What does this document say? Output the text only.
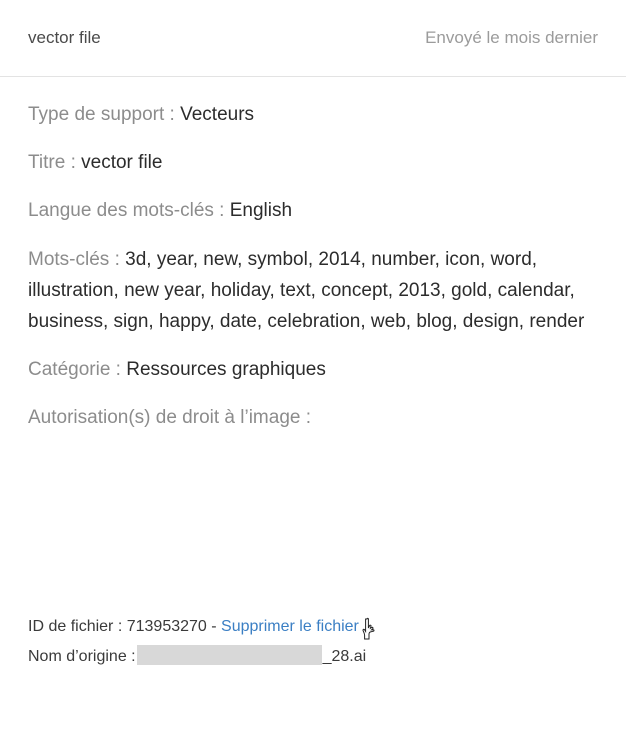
vector file	Envoyé le mois dernier
Type de support : Vecteurs
Titre : vector file
Langue des mots-clés : English
Mots-clés : 3d, year, new, symbol, 2014, number, icon, word, illustration, new year, holiday, text, concept, 2013, gold, calendar, business, sign, happy, date, celebration, web, blog, design, render
Catégorie : Ressources graphiques
Autorisation(s) de droit à l’image :
ID de fichier : 713953270 - Supprimer le fichier
Nom d’origine :	_28.ai
